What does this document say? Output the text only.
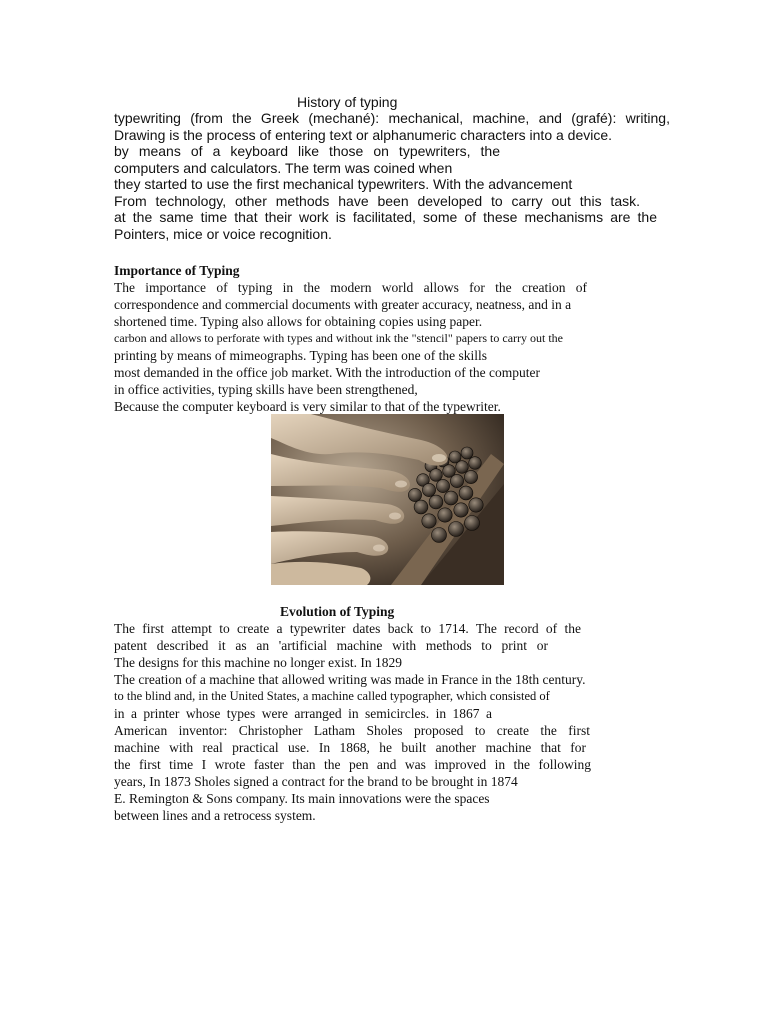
History of typing
typewriting (from the Greek (mechané): mechanical, machine, and (grafé): writing,
Drawing is the process of entering text or alphanumeric characters into a device.
by means of a keyboard like those on typewriters, the
computers and calculators. The term was coined when
they started to use the first mechanical typewriters. With the advancement
From technology, other methods have been developed to carry out this task.
at the same time that their work is facilitated, some of these mechanisms are the
Pointers, mice or voice recognition.
Importance of Typing
The importance of typing in the modern world allows for the creation of
correspondence and commercial documents with greater accuracy, neatness, and in a
shortened time. Typing also allows for obtaining copies using paper.
carbon and allows to perforate with types and without ink the "stencil" papers to carry out the
printing by means of mimeographs. Typing has been one of the skills
most demanded in the office job market. With the introduction of the computer
in office activities, typing skills have been strengthened,
Because the computer keyboard is very similar to that of the typewriter.
Evolution of Typing
The first attempt to create a typewriter dates back to 1714. The record of the
patent described it as an 'artificial machine with methods to print or
The designs for this machine no longer exist. In 1829
The creation of a machine that allowed writing was made in France in the 18th century.
to the blind and, in the United States, a machine called typographer, which consisted of
in a printer whose types were arranged in semicircles. in 1867 a
American inventor: Christopher Latham Sholes proposed to create the first
machine with real practical use. In 1868, he built another machine that for
the first time I wrote faster than the pen and was improved in the following
years, In 1873 Sholes signed a contract for the brand to be brought in 1874
E. Remington & Sons company. Its main innovations were the spaces
between lines and a retrocess system.
